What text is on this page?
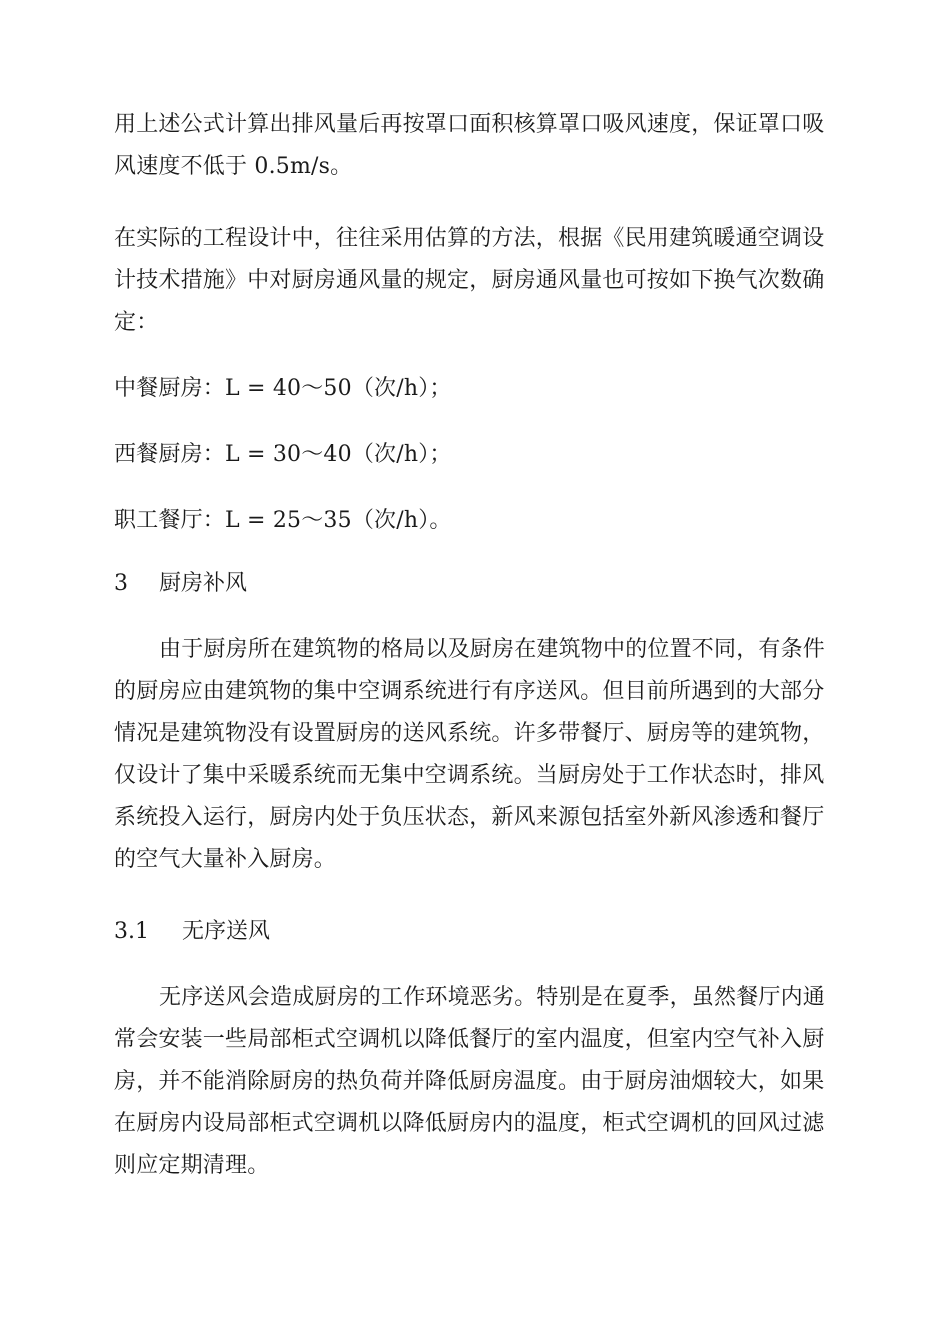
用上述公式计算出排风量后再按罩口面积核算罩口吸风速度，保证罩口吸
风速度不低于 0.5m/s。
在实际的工程设计中，往往采用估算的方法，根据《民用建筑暖通空调设
计技术措施》中对厨房通风量的规定，厨房通风量也可按如下换气次数确
定：
中餐厨房：L = 40～50（次/h）；
西餐厨房：L = 30～40（次/h）；
职工餐厅：L = 25～35（次/h）。
3 厨房补风
由于厨房所在建筑物的格局以及厨房在建筑物中的位置不同，有条件
的厨房应由建筑物的集中空调系统进行有序送风。但目前所遇到的大部分
情况是建筑物没有设置厨房的送风系统。许多带餐厅、厨房等的建筑物，
仅设计了集中采暖系统而无集中空调系统。当厨房处于工作状态时，排风
系统投入运行，厨房内处于负压状态，新风来源包括室外新风渗透和餐厅
的空气大量补入厨房。
3.1 无序送风
无序送风会造成厨房的工作环境恶劣。特别是在夏季，虽然餐厅内通
常会安装一些局部柜式空调机以降低餐厅的室内温度，但室内空气补入厨
房，并不能消除厨房的热负荷并降低厨房温度。由于厨房油烟较大，如果
在厨房内设局部柜式空调机以降低厨房内的温度，柜式空调机的回风过滤
则应定期清理。
